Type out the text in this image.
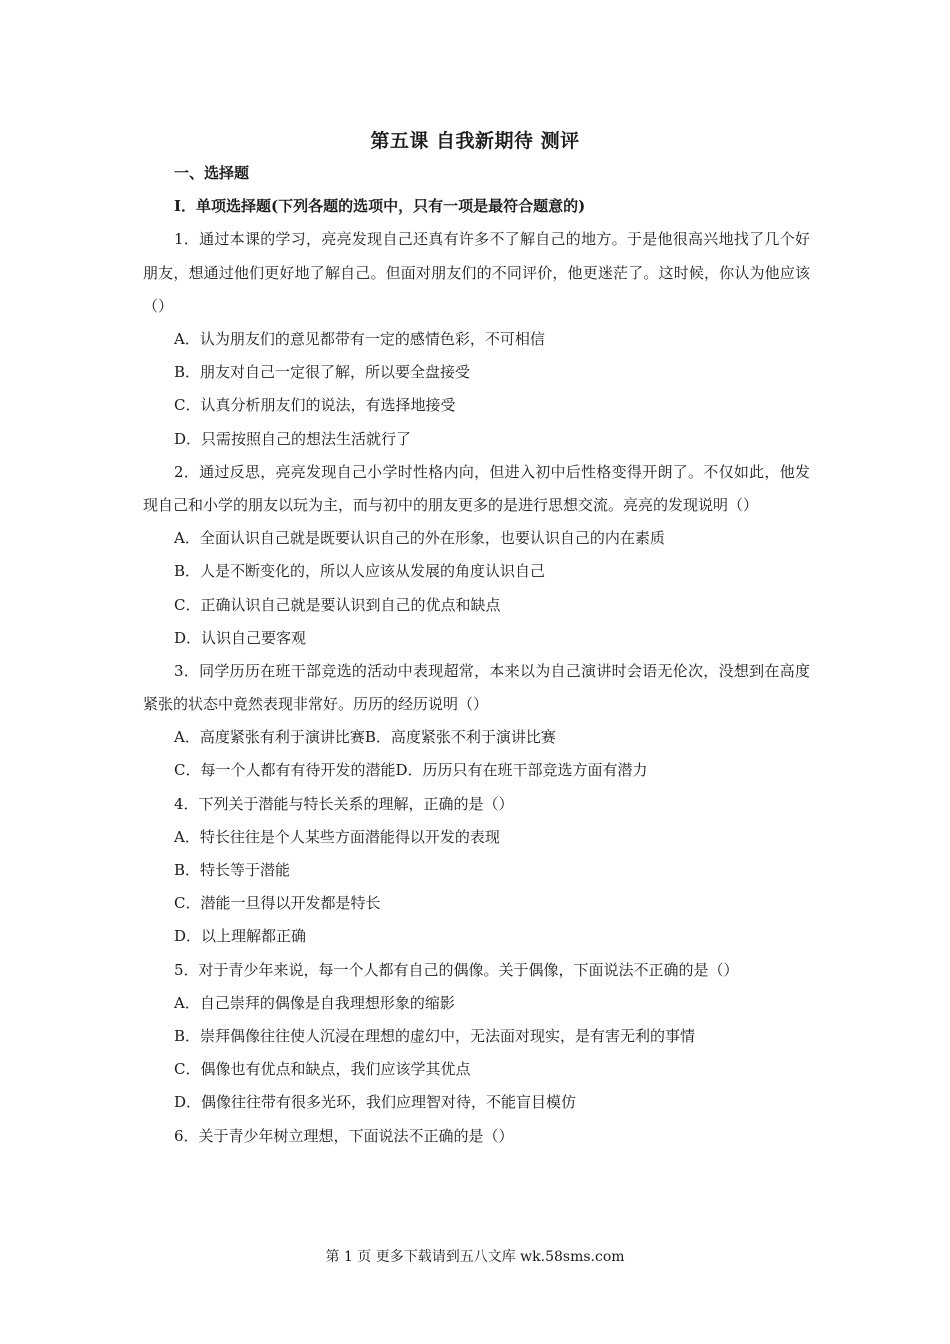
第五课 自我新期待 测评
一、选择题
Ⅰ．单项选择题(下列各题的选项中，只有一项是最符合题意的)
1．通过本课的学习，亮亮发现自己还真有许多不了解自己的地方。于是他很高兴地找了几个好朋友，想通过他们更好地了解自己。但面对朋友们的不同评价，他更迷茫了。这时候，你认为他应该（）
A．认为朋友们的意见都带有一定的感情色彩，不可相信
B．朋友对自己一定很了解，所以要全盘接受
C．认真分析朋友们的说法，有选择地接受
D．只需按照自己的想法生活就行了
2．通过反思，亮亮发现自己小学时性格内向，但进入初中后性格变得开朗了。不仅如此，他发现自己和小学的朋友以玩为主，而与初中的朋友更多的是进行思想交流。亮亮的发现说明（）
A．全面认识自己就是既要认识自己的外在形象，也要认识自己的内在素质
B．人是不断变化的，所以人应该从发展的角度认识自己
C．正确认识自己就是要认识到自己的优点和缺点
D．认识自己要客观
3．同学历历在班干部竞选的活动中表现超常，本来以为自己演讲时会语无伦次，没想到在高度紧张的状态中竟然表现非常好。历历的经历说明（）
A．高度紧张有利于演讲比赛B．高度紧张不利于演讲比赛
C．每一个人都有有待开发的潜能D．历历只有在班干部竞选方面有潜力
4．下列关于潜能与特长关系的理解，正确的是（）
A．特长往往是个人某些方面潜能得以开发的表现
B．特长等于潜能
C．潜能一旦得以开发都是特长
D．以上理解都正确
5．对于青少年来说，每一个人都有自己的偶像。关于偶像，下面说法不正确的是（）
A．自己崇拜的偶像是自我理想形象的缩影
B．崇拜偶像往往使人沉浸在理想的虚幻中，无法面对现实，是有害无利的事情
C．偶像也有优点和缺点，我们应该学其优点
D．偶像往往带有很多光环，我们应理智对待，不能盲目模仿
6．关于青少年树立理想，下面说法不正确的是（）
第 1 页 更多下载请到五八文库 wk.58sms.com
